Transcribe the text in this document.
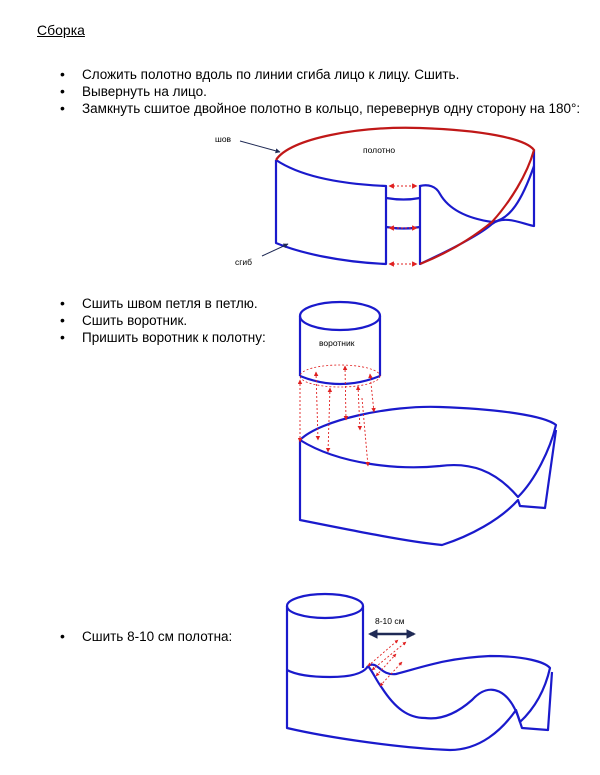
Сборка
• Сложить полотно вдоль по линии сгиба лицо к лицу. Сшить.
• Вывернуть на лицо.
• Замкнуть сшитое двойное полотно в кольцо, перевернув одну сторону на 180°:
шов
полотно
сгиб
• Сшить швом петля в петлю.
• Сшить воротник.
• Пришить воротник к полотну:	воротник
• Сшить 8-10 см полотна:
8-10 см
